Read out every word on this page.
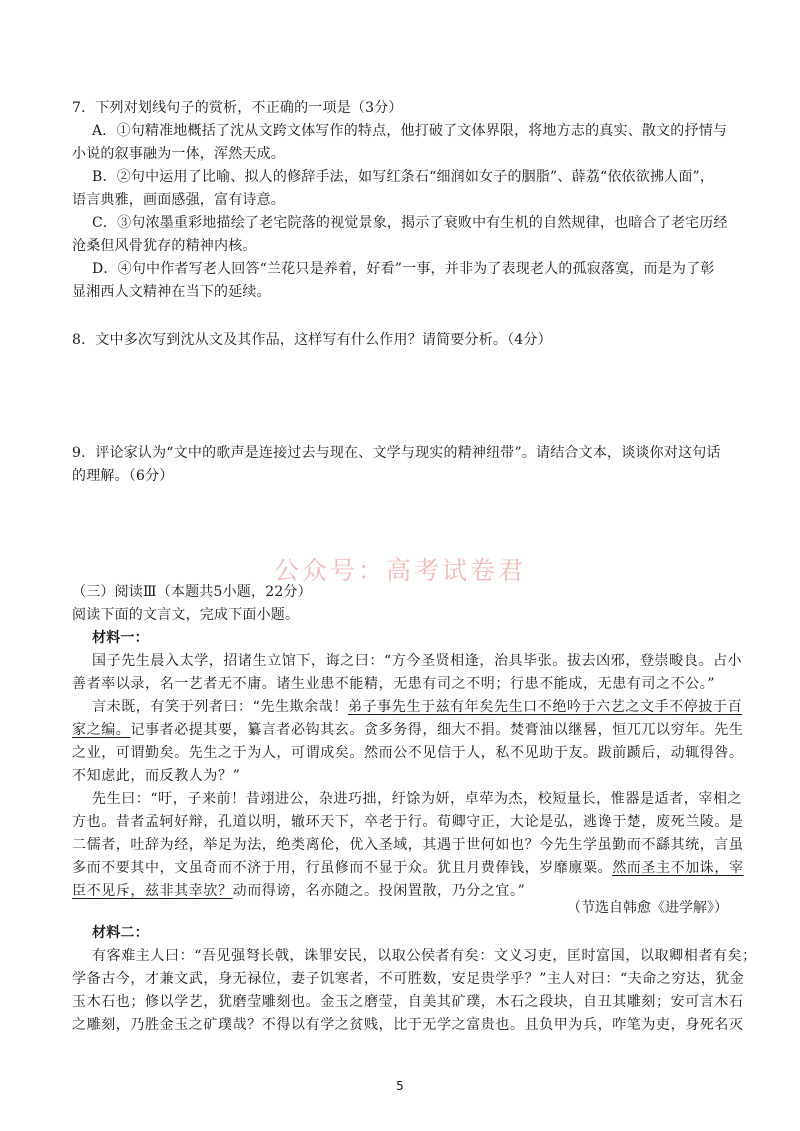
7．下列对划线句子的赏析，不正确的一项是（3分）
A．①句精准地概括了沈从文跨文体写作的特点，他打破了文体界限，将地方志的真实、散文的抒情与
小说的叙事融为一体，浑然天成。
B．②句中运用了比喻、拟人的修辞手法，如写红条石“细润如女子的胭脂”、薜荔“依依欲拂人面”，
语言典雅，画面感强，富有诗意。
C．③句浓墨重彩地描绘了老宅院落的视觉景象，揭示了衰败中有生机的自然规律，也暗合了老宅历经
沧桑但风骨犹存的精神内核。
D．④句中作者写老人回答“兰花只是养着，好看”一事，并非为了表现老人的孤寂落寞，而是为了彰
显湘西人文精神在当下的延续。
8．文中多次写到沈从文及其作品，这样写有什么作用？请简要分析。（4分）
9．评论家认为“文中的歌声是连接过去与现在、文学与现实的精神纽带”。请结合文本，谈谈你对这句话
的理解。（6分）
公众号：高考试卷君
（三）阅读Ⅲ（本题共5小题，22分）
阅读下面的文言文，完成下面小题。
材料一：
国子先生晨入太学，招诸生立馆下，诲之曰：“方今圣贤相逢，治具毕张。拔去凶邪，登崇畯良。占小
善者率以录，名一艺者无不庸。诸生业患不能精，无患有司之不明；行患不能成，无患有司之不公。”
言未既，有笑于列者曰：“先生欺余哉！弟子事先生于兹有年矣先生口不绝吟于六艺之文手不停披于百
家之编。记事者必提其要，纂言者必钩其玄。贪多务得，细大不捐。焚膏油以继晷，恒兀兀以穷年。先生
之业，可谓勤矣。先生之于为人，可谓成矣。然而公不见信于人，私不见助于友。跋前踬后，动辄得咎。
不知虑此，而反教人为？”
先生曰：“吁，子来前！昔翊进公，杂进巧拙，纡馀为妍，卓荦为杰，校短量长，惟器是适者，宰相之
方也。昔者孟轲好辩，孔道以明，辙环天下，卒老于行。荀卿守正，大论是弘，逃谗于楚，废死兰陵。是
二儒者，吐辞为经，举足为法，绝类离伦，优入圣域，其遇于世何如也？今先生学虽勤而不繇其统，言虽
多而不要其中，文虽奇而不济于用，行虽修而不显于众。犹且月费俸钱，岁靡廪粟。然而圣主不加诛，宰
臣不见斥，兹非其幸欤？动而得谤，名亦随之。投闲置散，乃分之宜。”
（节选自韩愈《进学解》）
材料二：
有客难主人曰：“吾见强弩长戟，诛罪安民，以取公侯者有矣：文义习吏，匡时富国，以取卿相者有矣；
学备古今，才兼文武，身无禄位，妻子饥寒者，不可胜数，安足贵学乎？”主人对曰：“夫命之穷达，犹金
玉木石也；修以学艺，犹磨莹雕刻也。金玉之磨莹，自美其矿璞，木石之段块，自丑其雕刻；安可言木石
之雕刻，乃胜金玉之矿璞哉？不得以有学之贫贱，比于无学之富贵也。且负甲为兵，咋笔为吏，身死名灭
5
